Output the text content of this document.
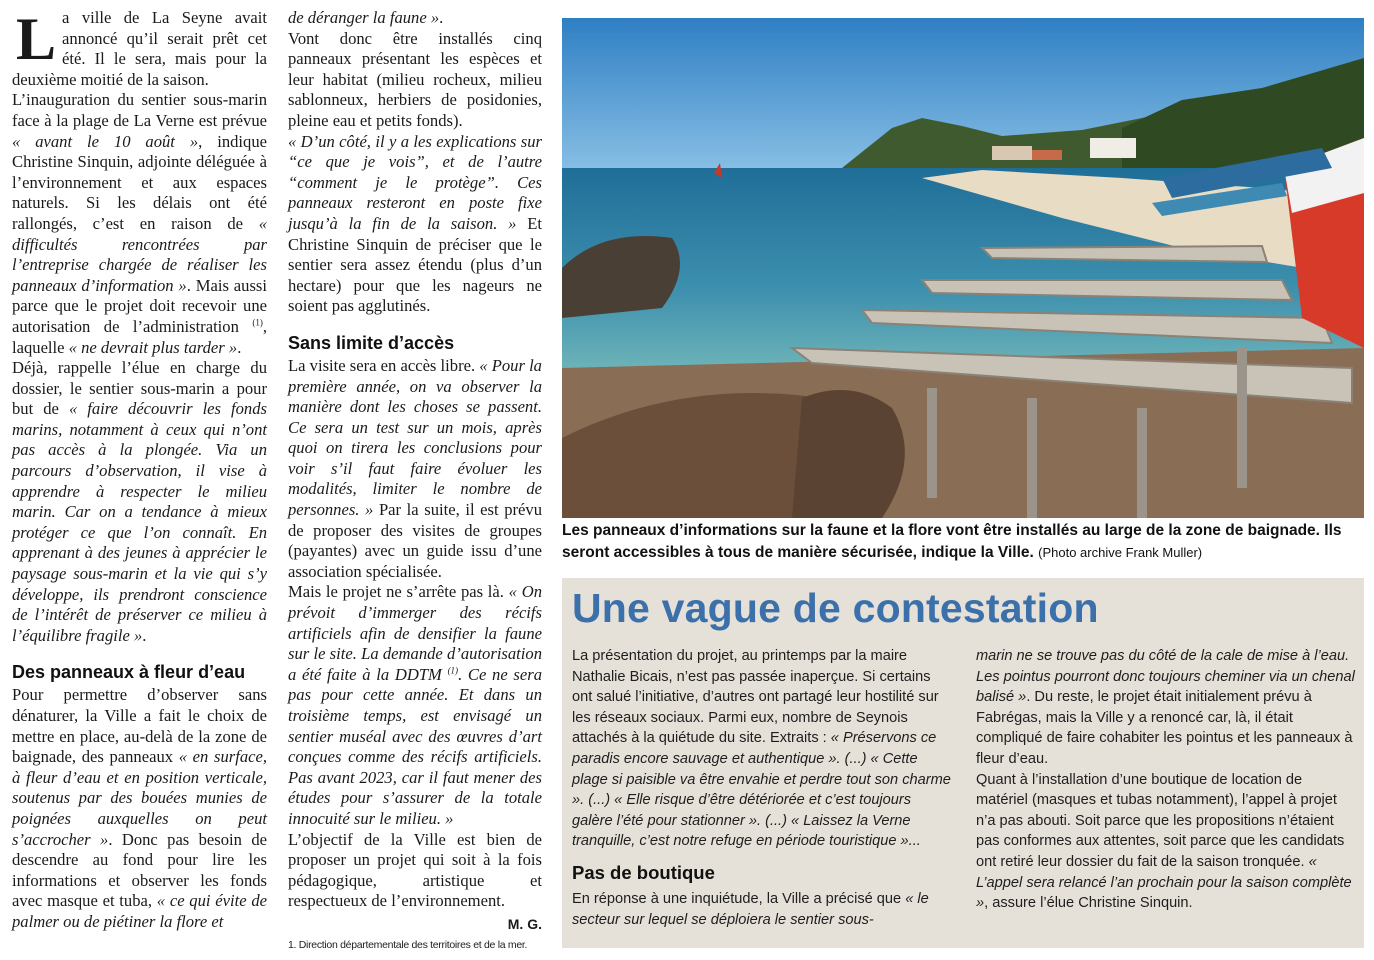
La ville de La Seyne avait annoncé qu’il serait prêt cet été. Il le sera, mais pour la deuxième moitié de la saison.

L’inauguration du sentier sous-marin face à la plage de La Verne est prévue « avant le 10 août », indique Christine Sinquin, adjointe déléguée à l’environnement et aux espaces naturels. Si les délais ont été rallongés, c’est en raison de « difficultés rencontrées par l’entreprise chargée de réaliser les panneaux d’information ». Mais aussi parce que le projet doit recevoir une autorisation de l’administration $^{(1)}$, laquelle « ne devrait plus tarder ».

Déjà, rappelle l’élue en charge du dossier, le sentier sous-marin a pour but de « faire découvrir les fonds marins, notamment à ceux qui n’ont pas accès à la plongée. Via un parcours d’observation, il vise à apprendre à respecter le milieu marin. Car on a tendance à mieux protéger ce que l’on connaît. En apprenant à des jeunes à apprécier le paysage sous-marin et la vie qui s’y développe, ils prendront conscience de l’intérêt de préserver ce milieu à l’équilibre fragile ».

Des panneaux à fleur d’eau

Pour permettre d’observer sans dénaturer, la Ville a fait le choix de mettre en place, au-delà de la zone de baignade, des panneaux « en surface, à fleur d’eau et en position verticale, soutenus par des bouées munies de poignées auxquelles on peut s’accrocher ». Donc pas besoin de descendre au fond pour lire les informations et observer les fonds avec masque et tuba, « ce qui évite de palmer ou de piétiner la flore et

de déranger la faune ».

Vont donc être installés cinq panneaux présentant les espèces et leur habitat (milieu rocheux, milieu sablonneux, herbiers de posidonies, pleine eau et petits fonds).

« D’un côté, il y a les explications sur “ce que je vois”, et de l’autre “comment je le protège”. Ces panneaux resteront en poste fixe jusqu’à la fin de la saison. » Et Christine Sinquin de préciser que le sentier sera assez étendu (plus d’un hectare) pour que les nageurs ne soient pas agglutinés.

Sans limite d’accès

La visite sera en accès libre. « Pour la première année, on va observer la manière dont les choses se passent. Ce sera un test sur un mois, après quoi on tirera les conclusions pour voir s’il faut faire évoluer les modalités, limiter le nombre de personnes. » Par la suite, il est prévu de proposer des visites de groupes (payantes) avec un guide issu d’une association spécialisée.

Mais le projet ne s’arrête pas là. « On prévoit d’immerger des récifs artificiels afin de densifier la faune sur le site. La demande d’autorisation a été faite à la DDTM $^{(1)}$. Ce ne sera pas pour cette année. Et dans un troisième temps, est envisagé un sentier muséal avec des œuvres d’art conçues comme des récifs artificiels. Pas avant 2023, car il faut mener des études pour s’assurer de la totale innocuité sur le milieu. »

L’objectif de la Ville est bien de proposer un projet qui soit à la fois pédagogique, artistique et respectueux de l’environnement.

M. G.
1. Direction départementale des territoires et de la mer.
Les panneaux d’informations sur la faune et la flore vont être installés au large de la zone de baignade. Ils seront accessibles à tous de manière sécurisée, indique la Ville. (Photo archive Frank Muller)
Une vague de contestation

La présentation du projet, au printemps par la maire Nathalie Bicais, n’est pas passée inaperçue. Si certains ont salué l’initiative, d’autres ont partagé leur hostilité sur les réseaux sociaux. Parmi eux, nombre de Seynois attachés à la quiétude du site. Extraits : « Préservons ce paradis encore sauvage et authentique ». (...) « Cette plage si paisible va être envahie et perdre tout son charme ». (...) « Elle risque d’être détériorée et c’est toujours galère l’été pour stationner ». (...) « Laissez la Verne tranquille, c’est notre refuge en période touristique »...

Pas de boutique

En réponse à une inquiétude, la Ville a précisé que « le secteur sur lequel se déploiera le sentier sous-

marin ne se trouve pas du côté de la cale de mise à l’eau. Les pointus pourront donc toujours cheminer via un chenal balisé ». Du reste, le projet était initialement prévu à Fabrégas, mais la Ville y a renoncé car, là, il était compliqué de faire cohabiter les pointus et les panneaux à fleur d’eau.

Quant à l’installation d’une boutique de location de matériel (masques et tubas notamment), l’appel à projet n’a pas abouti. Soit parce que les propositions n’étaient pas conformes aux attentes, soit parce que les candidats ont retiré leur dossier du fait de la saison tronquée. « L’appel sera relancé l’an prochain pour la saison complète », assure l’élue Christine Sinquin.
